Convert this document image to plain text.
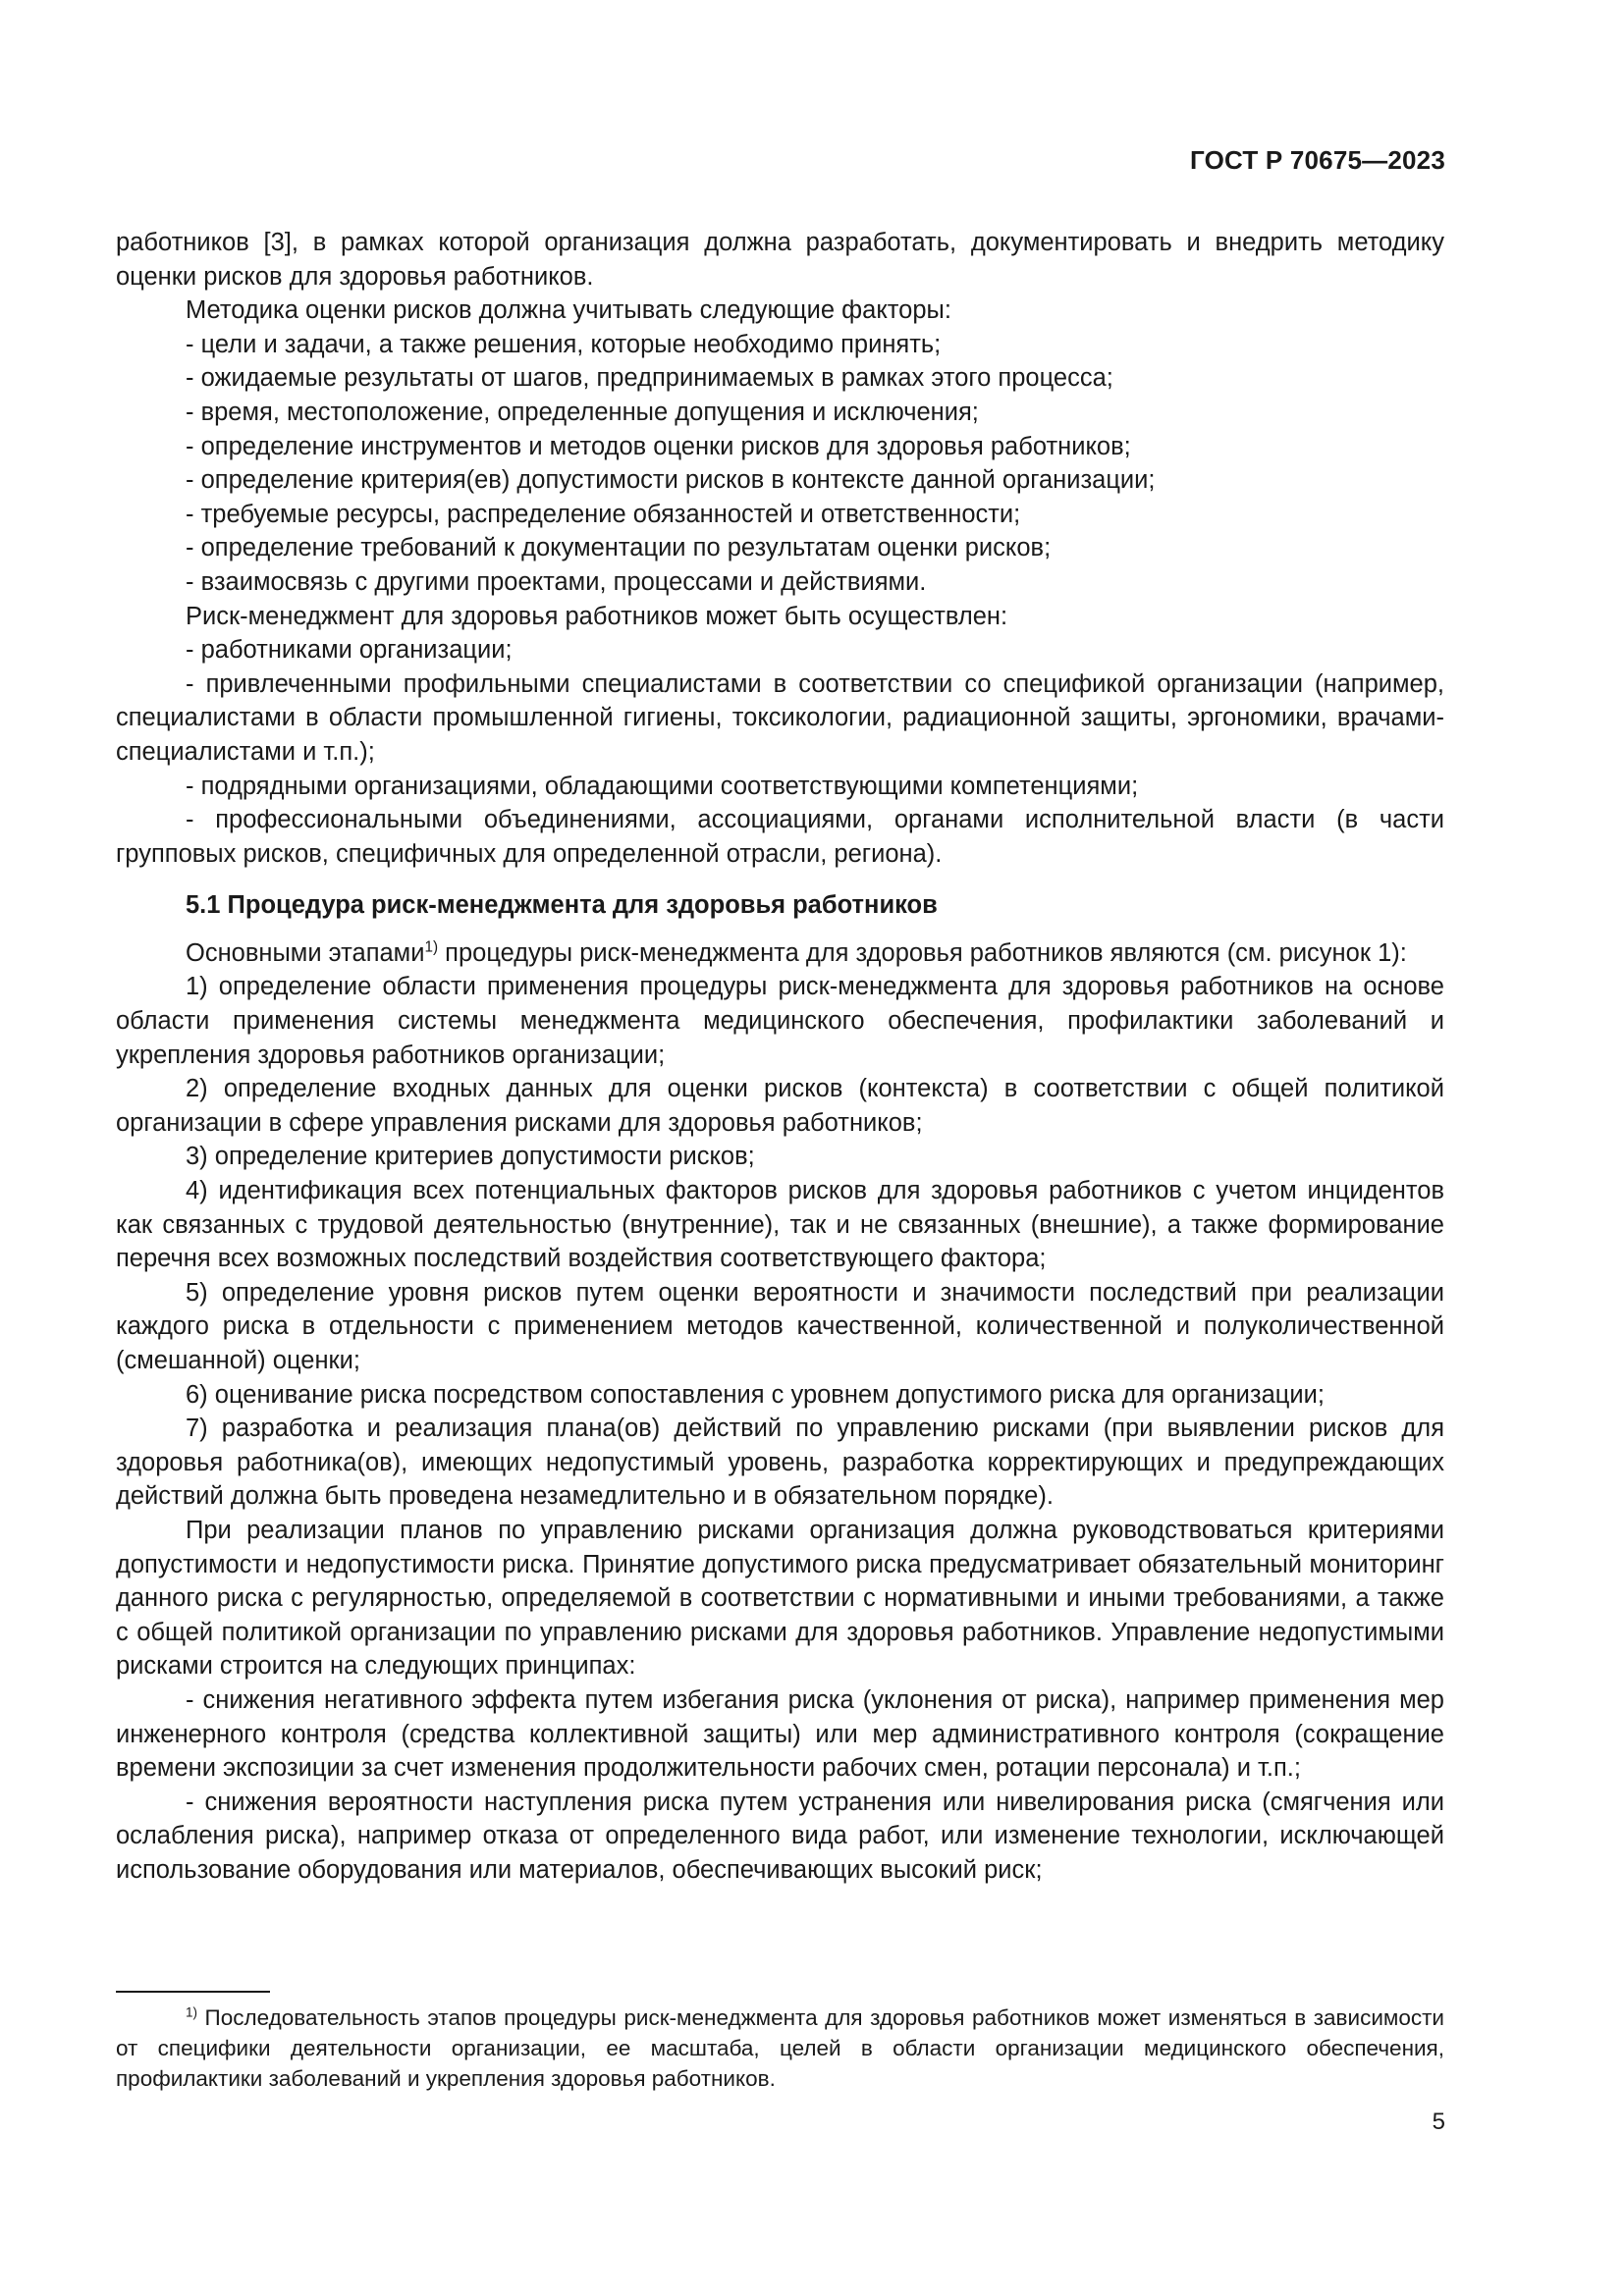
ГОСТ Р 70675—2023

работников [3], в рамках которой организация должна разработать, документировать и внедрить методику оценки рисков для здоровья работников.

Методика оценки рисков должна учитывать следующие факторы:

- цели и задачи, а также решения, которые необходимо принять;

- ожидаемые результаты от шагов, предпринимаемых в рамках этого процесса;

- время, местоположение, определенные допущения и исключения;

- определение инструментов и методов оценки рисков для здоровья работников;

- определение критерия(ев) допустимости рисков в контексте данной организации;

- требуемые ресурсы, распределение обязанностей и ответственности;

- определение требований к документации по результатам оценки рисков;

- взаимосвязь с другими проектами, процессами и действиями.

Риск-менеджмент для здоровья работников может быть осуществлен:

- работниками организации;

- привлеченными профильными специалистами в соответствии со спецификой организации (например, специалистами в области промышленной гигиены, токсикологии, радиационной защиты, эргономики, врачами-специалистами и т.п.);

- подрядными организациями, обладающими соответствующими компетенциями;

- профессиональными объединениями, ассоциациями, органами исполнительной власти (в части групповых рисков, специфичных для определенной отрасли, региона).

5.1 Процедура риск-менеджмента для здоровья работников

Основными этапами$^{1)}$ процедуры риск-менеджмента для здоровья работников являются (см. рисунок 1):

1) определение области применения процедуры риск-менеджмента для здоровья работников на основе области применения системы менеджмента медицинского обеспечения, профилактики заболеваний и укрепления здоровья работников организации;

2) определение входных данных для оценки рисков (контекста) в соответствии с общей политикой организации в сфере управления рисками для здоровья работников;

3) определение критериев допустимости рисков;

4) идентификация всех потенциальных факторов рисков для здоровья работников с учетом инцидентов как связанных с трудовой деятельностью (внутренние), так и не связанных (внешние), а также формирование перечня всех возможных последствий воздействия соответствующего фактора;

5) определение уровня рисков путем оценки вероятности и значимости последствий при реализации каждого риска в отдельности с применением методов качественной, количественной и полуколичественной (смешанной) оценки;

6) оценивание риска посредством сопоставления с уровнем допустимого риска для организации;

7) разработка и реализация плана(ов) действий по управлению рисками (при выявлении рисков для здоровья работника(ов), имеющих недопустимый уровень, разработка корректирующих и предупреждающих действий должна быть проведена незамедлительно и в обязательном порядке).

При реализации планов по управлению рисками организация должна руководствоваться критериями допустимости и недопустимости риска. Принятие допустимого риска предусматривает обязательный мониторинг данного риска с регулярностью, определяемой в соответствии с нормативными и иными требованиями, а также с общей политикой организации по управлению рисками для здоровья работников. Управление недопустимыми рисками строится на следующих принципах:

- снижения негативного эффекта путем избегания риска (уклонения от риска), например применения мер инженерного контроля (средства коллективной защиты) или мер административного контроля (сокращение времени экспозиции за счет изменения продолжительности рабочих смен, ротации персонала) и т.п.;

- снижения вероятности наступления риска путем устранения или нивелирования риска (смягчения или ослабления риска), например отказа от определенного вида работ, или изменение технологии, исключающей использование оборудования или материалов, обеспечивающих высокий риск;

$^{1)}$ Последовательность этапов процедуры риск-менеджмента для здоровья работников может изменяться в зависимости от специфики деятельности организации, ее масштаба, целей в области организации медицинского обеспечения, профилактики заболеваний и укрепления здоровья работников.

5
